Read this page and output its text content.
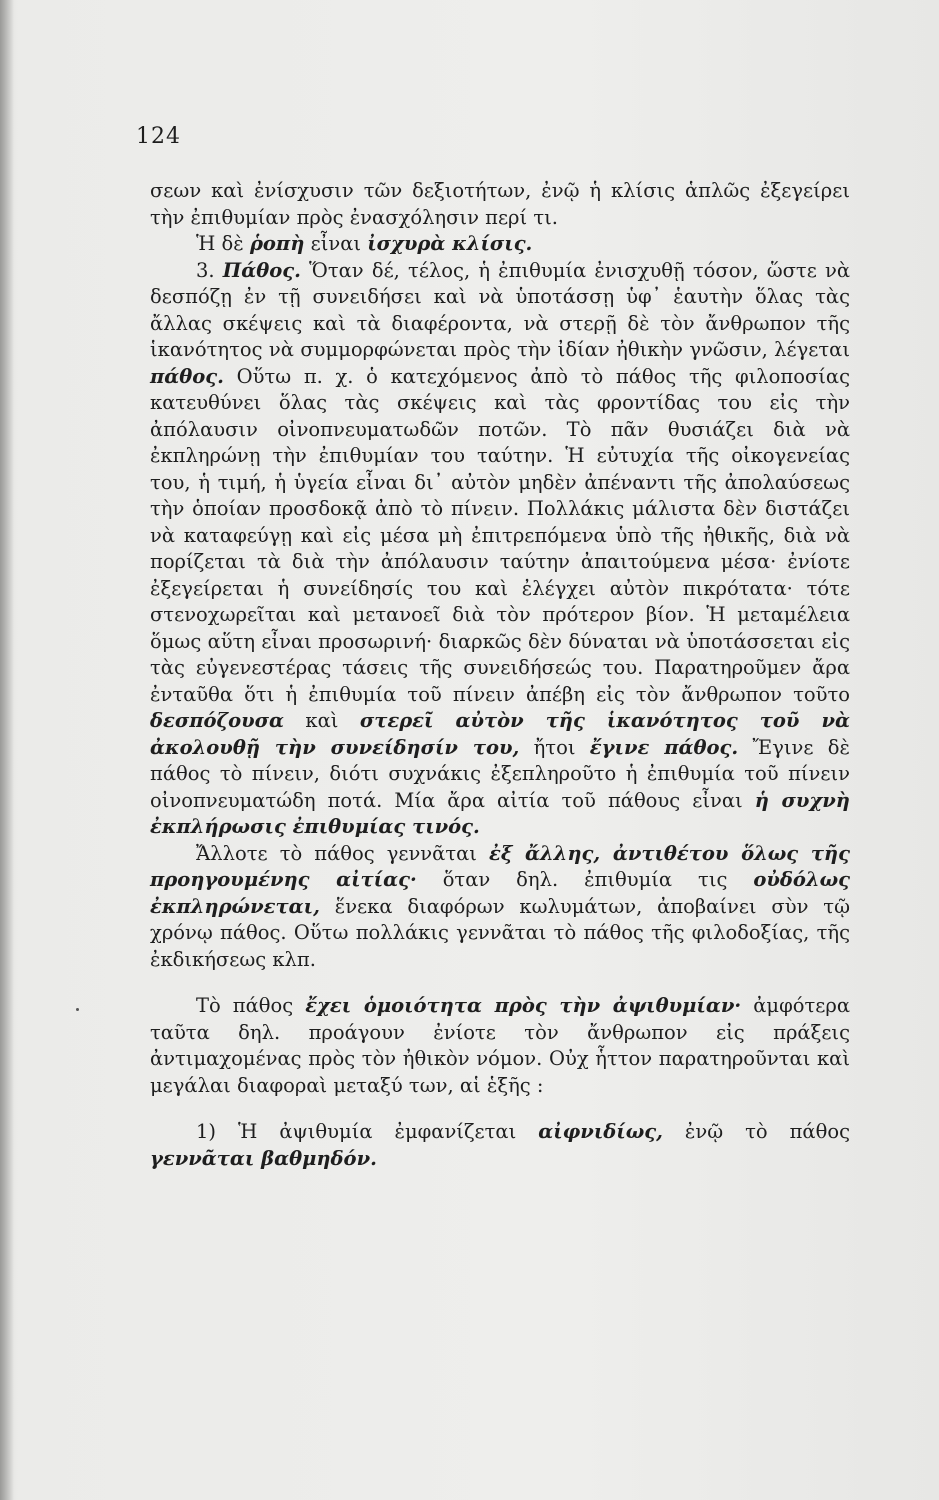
124

σεων καὶ ἐνίσχυσιν τῶν δεξιοτήτων, ἐνῷ ἡ κλίσις ἁπλῶς ἐξεγείρει τὴν ἐπιθυμίαν πρὸς ἐνασχόλησιν περί τι.

Ἡ δὲ ῥοπὴ εἶναι ἰσχυρὰ κλίσις.

3. Πάθος. Ὅταν δέ, τέλος, ἡ ἐπιθυμία ἐνισχυθῇ τόσον, ὥστε νὰ δεσπόζῃ ἐν τῇ συνειδήσει καὶ νὰ ὑποτάσσῃ ὑφ᾽ ἑαυτὴν ὅλας τὰς ἄλλας σκέψεις καὶ τὰ διαφέροντα, νὰ στερῇ δὲ τὸν ἄνθρωπον τῆς ἱκανότητος νὰ συμμορφώνεται πρὸς τὴν ἰδίαν ἠθικὴν γνῶσιν, λέγεται πάθος. Οὕτω π. χ. ὁ κατεχόμενος ἀπὸ τὸ πάθος τῆς φιλοποσίας κατευθύνει ὅλας τὰς σκέψεις καὶ τὰς φροντίδας του εἰς τὴν ἀπόλαυσιν οἰνοπνευματωδῶν ποτῶν. Τὸ πᾶν θυσιάζει διὰ νὰ ἐκπληρώνῃ τὴν ἐπιθυμίαν του ταύτην. Ἡ εὐτυχία τῆς οἰκογενείας του, ἡ τιμή, ἡ ὑγεία εἶναι δι᾽ αὐτὸν μηδὲν ἀπέναντι τῆς ἀπολαύσεως τὴν ὁποίαν προσδοκᾷ ἀπὸ τὸ πίνειν. Πολλάκις μάλιστα δὲν διστάζει νὰ καταφεύγῃ καὶ εἰς μέσα μὴ ἐπιτρεπόμενα ὑπὸ τῆς ἠθικῆς, διὰ νὰ πορίζεται τὰ διὰ τὴν ἀπόλαυσιν ταύτην ἀπαιτούμενα μέσα· ἐνίοτε ἐξεγείρεται ἡ συνείδησίς του καὶ ἐλέγχει αὐτὸν πικρότατα· τότε στενοχωρεῖται καὶ μετανοεῖ διὰ τὸν πρότερον βίον. Ἡ μεταμέλεια ὅμως αὕτη εἶναι προσωρινή· διαρκῶς δὲν δύναται νὰ ὑποτάσσεται εἰς τὰς εὐγενεστέρας τάσεις τῆς συνειδήσεώς του. Παρατηροῦμεν ἄρα ἐνταῦθα ὅτι ἡ ἐπιθυμία τοῦ πίνειν ἀπέβη εἰς τὸν ἄνθρωπον τοῦτο δεσπόζουσα καὶ στερεῖ αὐτὸν τῆς ἱκανότητος τοῦ νὰ ἀκολουθῇ τὴν συνείδησίν του, ἤτοι ἔγινε πάθος. Ἔγινε δὲ πάθος τὸ πίνειν, διότι συχνάκις ἐξεπληροῦτο ἡ ἐπιθυμία τοῦ πίνειν οἰνοπνευματώδη ποτά. Μία ἄρα αἰτία τοῦ πάθους εἶναι ἡ συχνὴ ἐκπλήρωσις ἐπιθυμίας τινός.

Ἄλλοτε τὸ πάθος γεννᾶται ἐξ ἄλλης, ἀντιθέτου ὅλως τῆς προηγουμένης αἰτίας· ὅταν δηλ. ἐπιθυμία τις οὐδόλως ἐκπληρώνεται, ἕνεκα διαφόρων κωλυμάτων, ἀποβαίνει σὺν τῷ χρόνῳ πάθος. Οὕτω πολλάκις γεννᾶται τὸ πάθος τῆς φιλοδοξίας, τῆς ἐκδικήσεως κλπ.

Τὸ πάθος ἔχει ὁμοιότητα πρὸς τὴν ἀψιθυμίαν· ἀμφότερα ταῦτα δηλ. προάγουν ἐνίοτε τὸν ἄνθρωπον εἰς πράξεις ἀντιμαχομένας πρὸς τὸν ἠθικὸν νόμον. Οὐχ ἧττον παρατηροῦνται καὶ μεγάλαι διαφοραὶ μεταξύ των, αἱ ἑξῆς :

1) Ἡ ἀψιθυμία ἐμφανίζεται αἰφνιδίως, ἐνῷ τὸ πάθος γεννᾶται βαθμηδόν.
